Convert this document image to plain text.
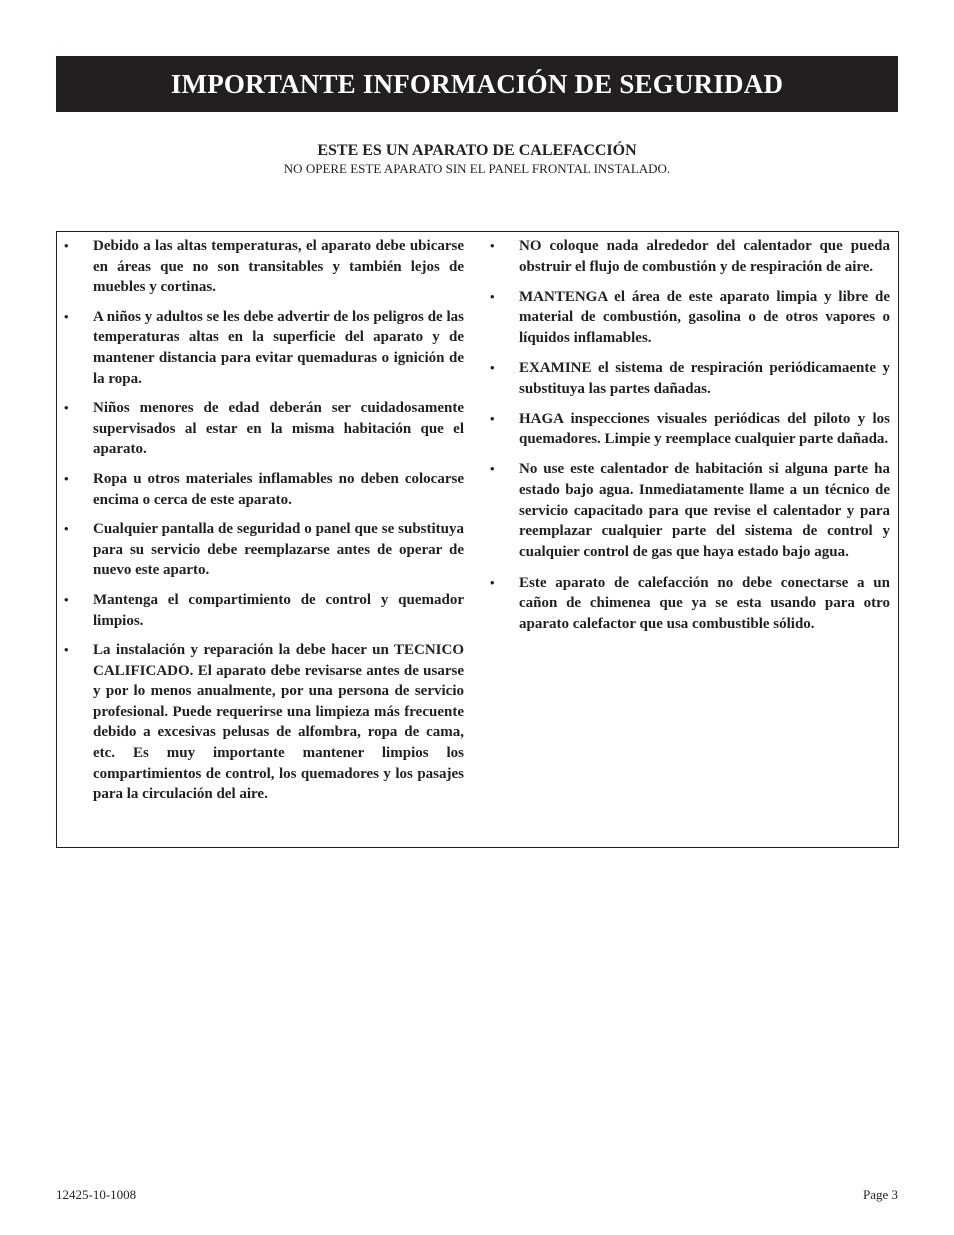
IMPORTANTE INFORMACIÓN DE SEGURIDAD
ESTE ES UN APARATO DE CALEFACCIÓN
NO OPERE ESTE APARATO SIN EL PANEL FRONTAL INSTALADO.
•	Debido a las altas temperaturas, el aparato debe ubicarse en áreas que no son transitables y también lejos de muebles y cortinas.
•	A niños y adultos se les debe advertir de los peligros de las temperaturas altas en la superficie del aparato y de mantener distancia para evitar quemaduras o ignición de la ropa.
•	Niños menores de edad deberán ser cuidadosamente supervisados al estar en la misma habitación que el aparato.
•	Ropa u otros materiales inflamables no deben colocarse encima o cerca de este aparato.
•	Cualquier pantalla de seguridad o panel que se substituya para su servicio debe reemplazarse antes de operar de nuevo este aparto.
•	Mantenga el compartimiento de control y quemador limpios.
•	La instalación y reparación la debe hacer un TECNICO CALIFICADO. El aparato debe revisarse antes de usarse y por lo menos anualmente, por una persona de servicio profesional. Puede requerirse una limpieza más frecuente debido a excesivas pelusas de alfombra, ropa de cama, etc. Es muy importante mantener limpios los compartimientos de control, los quemadores y los pasajes para la circulación del aire.
•	NO coloque nada alrededor del calentador que pueda obstruir el flujo de combustión y de respiración de aire.
•	MANTENGA el área de este aparato limpia y libre de material de combustión, gasolina o de otros vapores o líquidos inflamables.
•	EXAMINE el sistema de respiración periódicamaente y substituya las partes dañadas.
•	HAGA inspecciones visuales periódicas del piloto y los quemadores. Limpie y reemplace cualquier parte dañada.
•	No use este calentador de habitación si alguna parte ha estado bajo agua. Inmediatamente llame a un técnico de servicio capacitado para que revise el calentador y para reemplazar cualquier parte del sistema de control y cualquier control de gas que haya estado bajo agua.
•	Este aparato de calefacción no debe conectarse a un cañon de chimenea que ya se esta usando para otro aparato calefactor que usa combustible sólido.
12425-10-1008	Page 3
